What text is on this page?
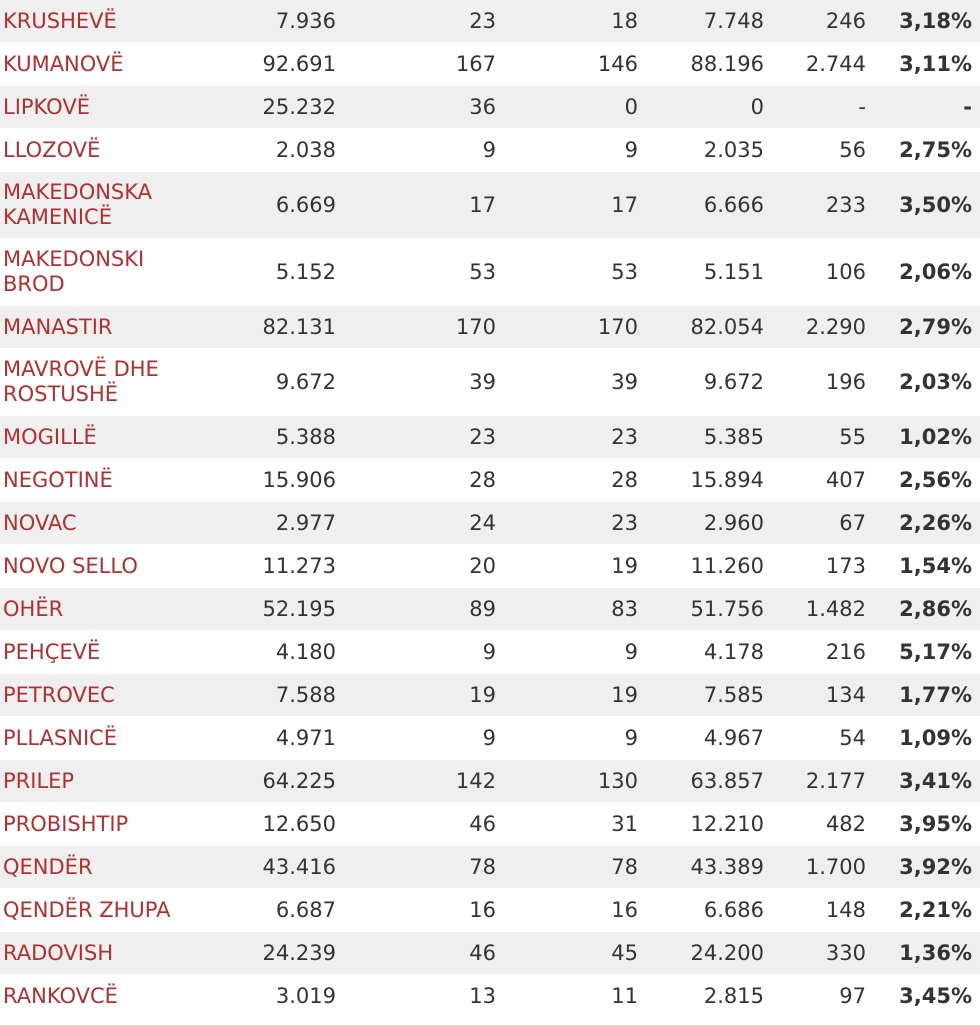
KRUSHEVË	7.936	23	18	7.748	246	3,18%
KUMANOVË	92.691	167	146	88.196	2.744	3,11%
LIPKOVË	25.232	36	0	0	-	-
LLOZOVË	2.038	9	9	2.035	56	2,75%
MAKEDONSKA KAMENICË	6.669	17	17	6.666	233	3,50%
MAKEDONSKI BROD	5.152	53	53	5.151	106	2,06%
MANASTIR	82.131	170	170	82.054	2.290	2,79%
MAVROVË DHE ROSTUSHË	9.672	39	39	9.672	196	2,03%
MOGILLË	5.388	23	23	5.385	55	1,02%
NEGOTINË	15.906	28	28	15.894	407	2,56%
NOVAC	2.977	24	23	2.960	67	2,26%
NOVO SELLO	11.273	20	19	11.260	173	1,54%
OHËR	52.195	89	83	51.756	1.482	2,86%
PEHÇEVË	4.180	9	9	4.178	216	5,17%
PETROVEC	7.588	19	19	7.585	134	1,77%
PLLASNICË	4.971	9	9	4.967	54	1,09%
PRILEP	64.225	142	130	63.857	2.177	3,41%
PROBISHTIP	12.650	46	31	12.210	482	3,95%
QENDËR	43.416	78	78	43.389	1.700	3,92%
QENDËR ZHUPA	6.687	16	16	6.686	148	2,21%
RADOVISH	24.239	46	45	24.200	330	1,36%
RANKOVCË	3.019	13	11	2.815	97	3,45%
